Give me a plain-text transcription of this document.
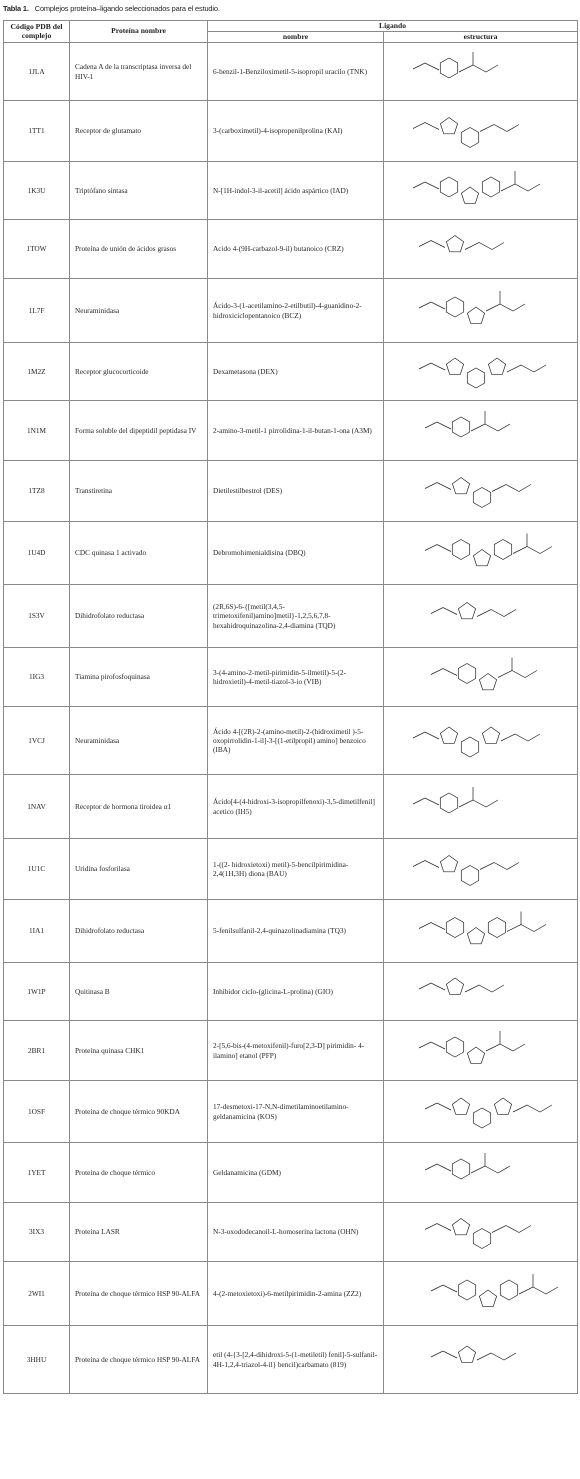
Tabla 1. Complejos proteína–ligando seleccionados para el estudio.
Código PDB del complejo	Proteína nombre	Ligando	
		nombre	estructura
1JLA	Cadena A de la transcriptasa inversa del HIV-1	6-benzil-1-Benziloximetil-5-isopropil uracilo (TNK)	

1TT1	Receptor de glutamato	3-(carboximetil)-4-isopropenilprolina (KAI)	

1K3U	Triptófano sintasa	N-[1H-indol-3-il-acetil] ácido aspártico (IAD)	

1TOW	Proteína de unión de ácidos grasos	Acido 4-(9H-carbazol-9-il) butanoico (CRZ)	

1L7F	Neuraminidasa	Ácido-3-(1-acetilamino-2-etilbutil)-4-guanidino-2-hidroxiciclopentanoico (BCZ)	

1M2Z	Receptor glucocorticoide	Dexametasona (DEX)	

1N1M	Forma soluble del dipeptidil peptidasa IV	2-amino-3-metil-1 pirrolidina-1-il-butan-1-ona (A3M)	

1TZ8	Transtiretina	Dietilestilbestrol (DES)	

1U4D	CDC quinasa 1 activado	Debromohimenialdisina (DBQ)	

1S3V	Dihidrofolato reductasa	(2R,6S)-6-{[metil(3,4,5-trimetoxifenil)amino]metil}-1,2,5,6,7,8-hexahidroquinazolina-2,4-diamina (TQD)	

1IG3	Tiamina pirofosfoquinasa	3-(4-amino-2-metil-pirimidin-5-ilmetil)-5-(2-hidroxietil)-4-metil-tiazol-3-io (VIB)	

1VCJ	Neuraminidasa	Ácido 4-[(2R)-2-(amino-metil)-2-(hidroximetil )-5-oxopirrolidin-1-il]-3-[(1-etilpropil) amino] benzoico (IBA)	

1NAV	Receptor de hormona tiroidea α1	Ácido[4-(4-hidroxi-3-isopropilfenoxi)-3,5-dimetilfenil] acetico (IH5)	

1U1C	Uridina fosforilasa	1-((2- hidroxietoxi) metil)-5-bencilpirimidina- 2,4(1H,3H) diona (BAU)	

1IA1	Dihidrofolato reductasa	5-fenilsulfanil-2,4-quinazolinadiamina (TQ3)	

1W1P	Quitinasa B	Inhibidor ciclo-(glicina-L-prolina) (GIO)	

2BR1	Proteína quinasa CHK1	2-[5,6-bis-(4-metoxifenil)-furo[2,3-D] pirimidin- 4-ilamino] etanol (PFP)	

1OSF	Proteína de choque térmico 90KDA	17-desmetoxi-17-N,N-dimetilaminoetilamino- geldanamicina (KOS)	

1YET	Proteína de choque térmico	Geldanamicina (GDM)	

3IX3	Proteína LASR	N-3-oxododecanoil-L-homoserina lactona (OHN)	

2WI1	Proteína de choque térmico HSP 90-ALFA	4-(2-metoxietoxi)-6-metilpirimidin-2-amina (ZZ2)	

3HHU	Proteína de choque térmico HSP 90-ALFA	etil (4-{3-[2,4-dihidroxi-5-(1-metiletil) fenil]-5-sulfanil-4H-1,2,4-triazol-4-il} bencil)carbamato (819)	
